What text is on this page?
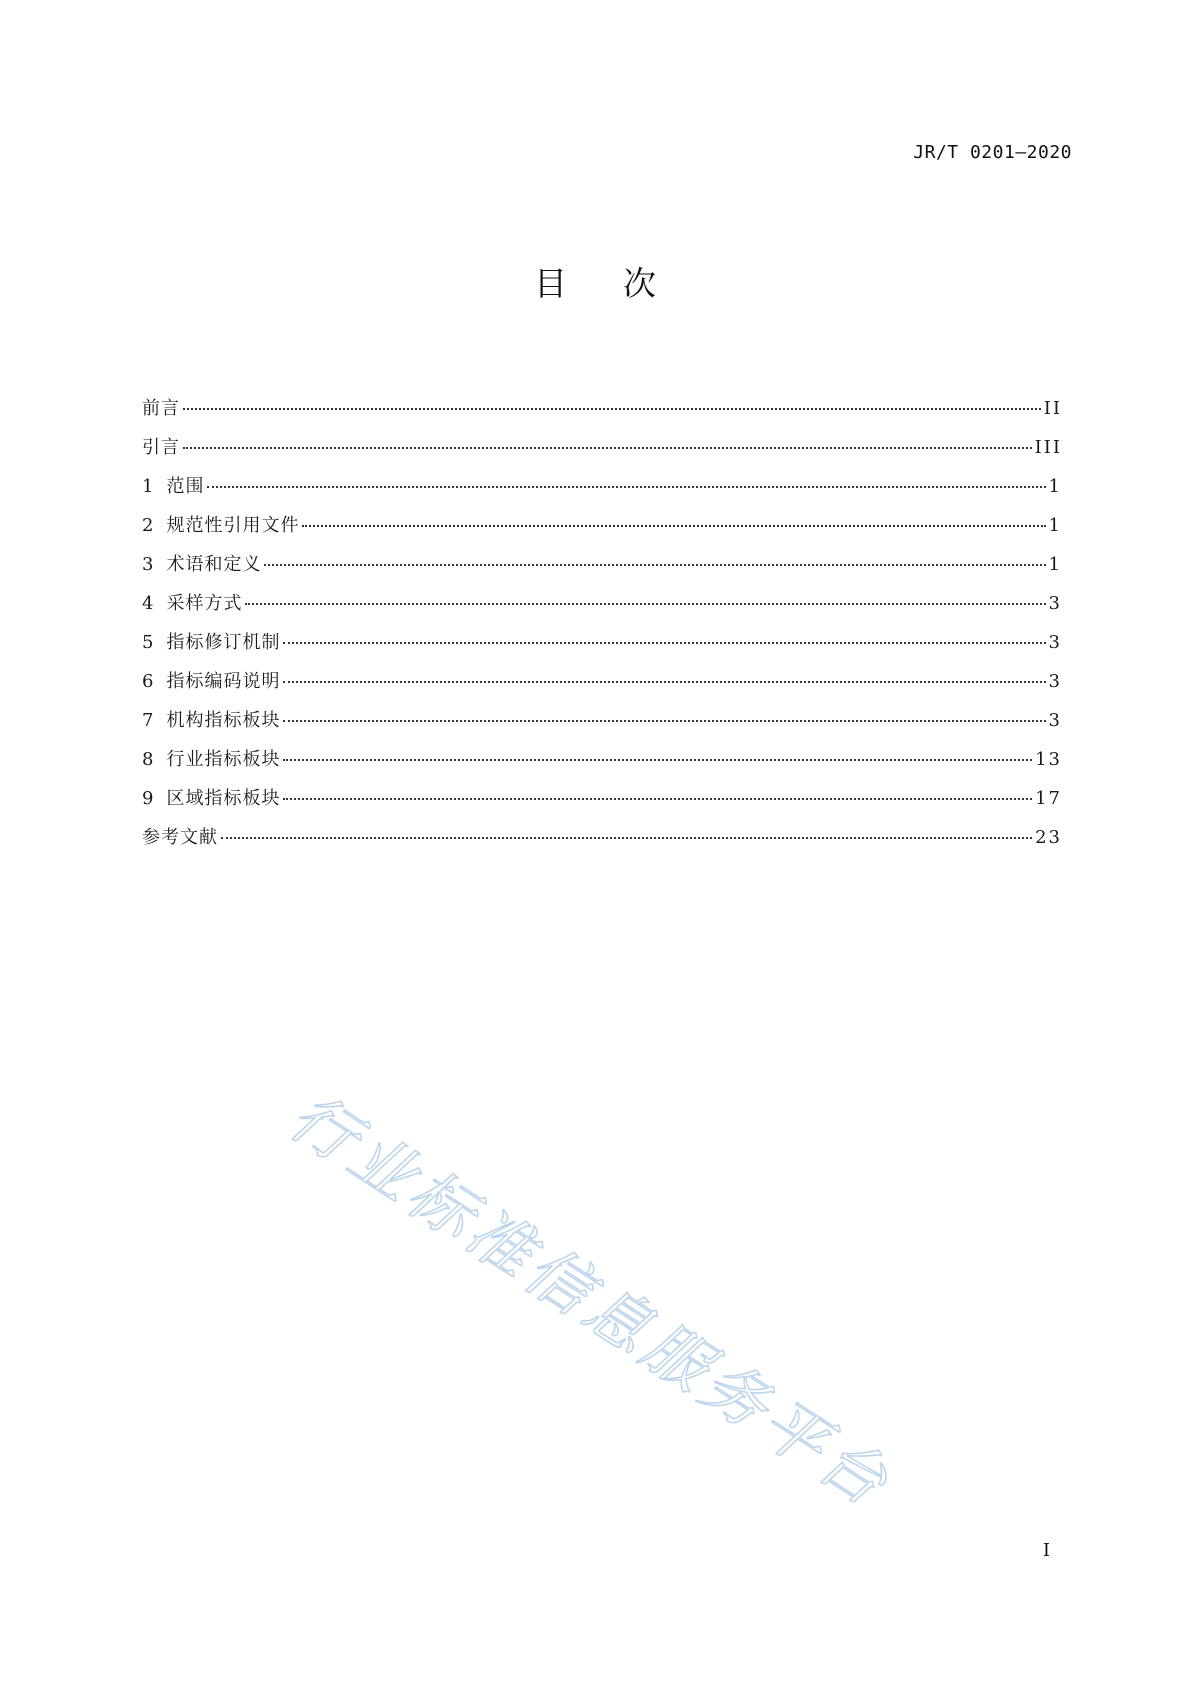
JR/T 0201—2020
目 次
前言	II
引言	III
1 范围	1
2 规范性引用文件	1
3 术语和定义	1
4 采样方式	3
5 指标修订机制	3
6 指标编码说明	3
7 机构指标板块	3
8 行业指标板块	13
9 区域指标板块	17
参考文献	23
行业标准信息服务平台
I
